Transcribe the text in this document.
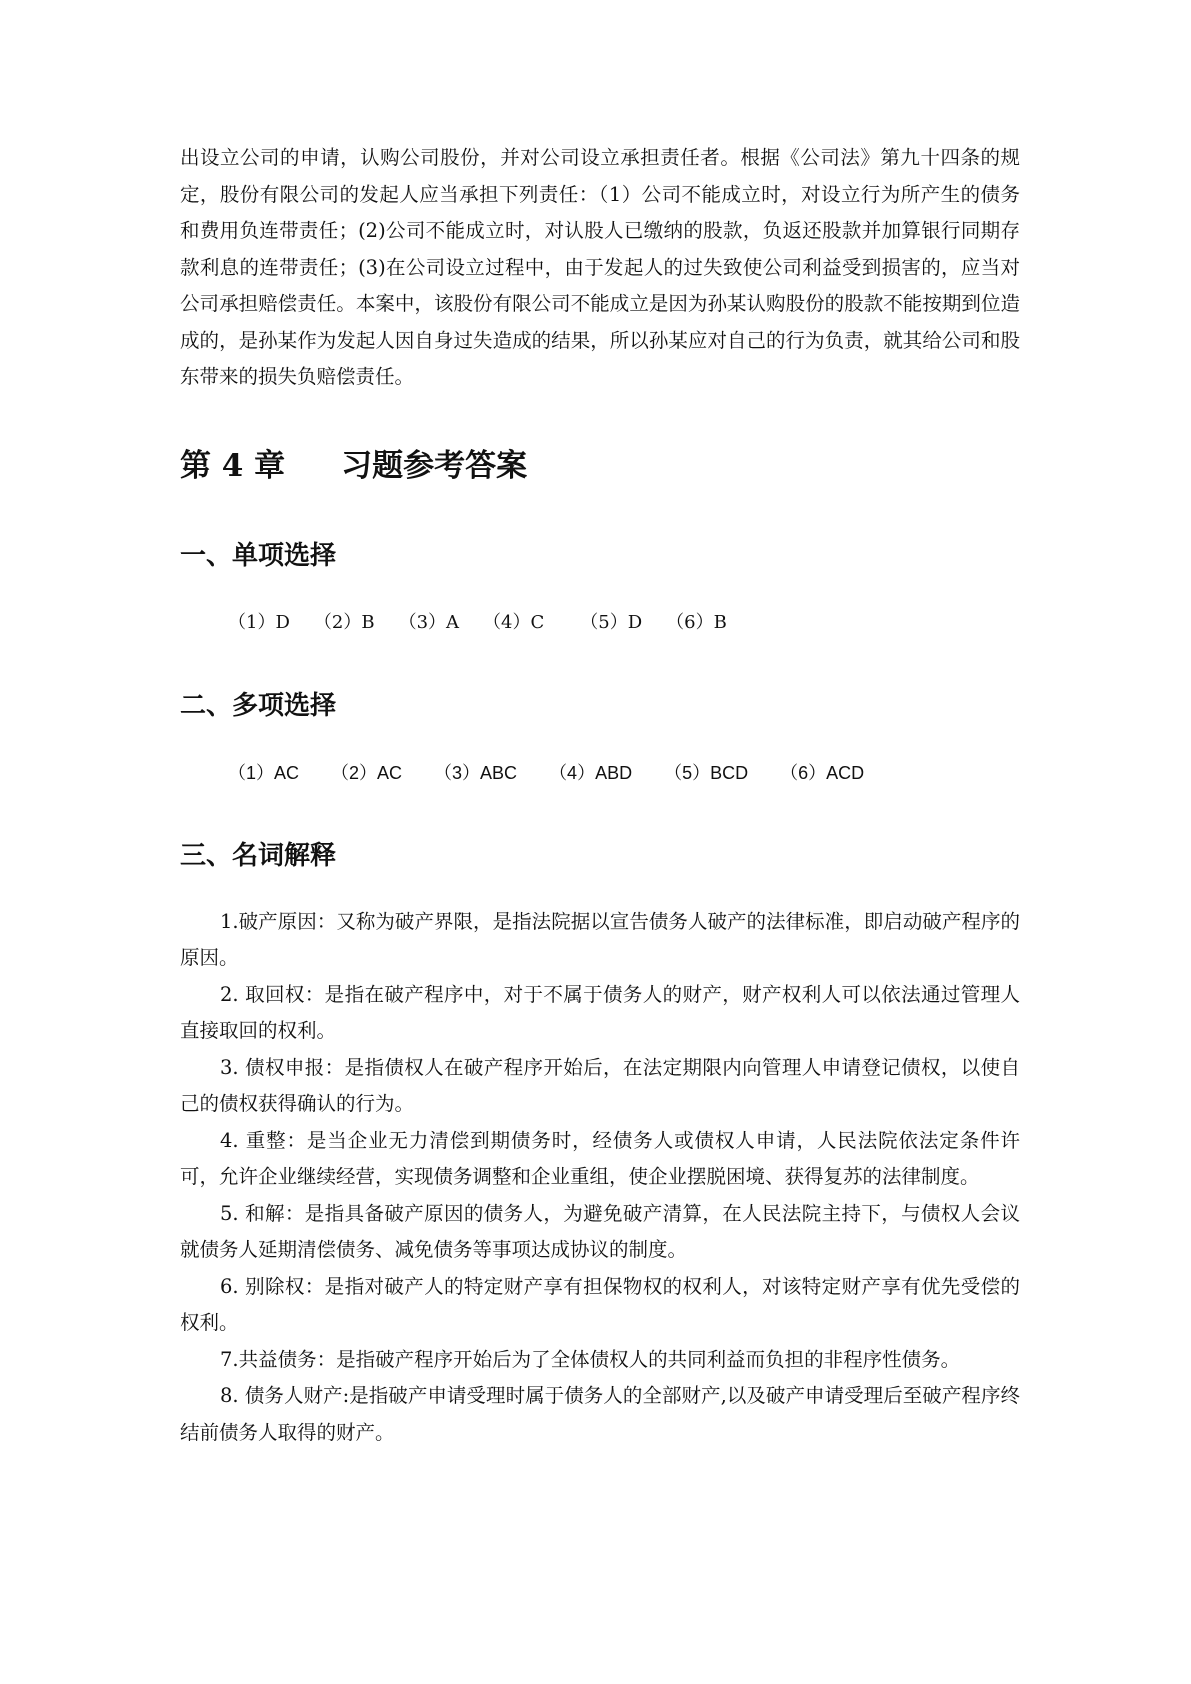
出设立公司的申请，认购公司股份，并对公司设立承担责任者。根据《公司法》第九十四条的规定，股份有限公司的发起人应当承担下列责任：（1）公司不能成立时，对设立行为所产生的债务和费用负连带责任；(2)公司不能成立时，对认股人已缴纳的股款，负返还股款并加算银行同期存款利息的连带责任；(3)在公司设立过程中，由于发起人的过失致使公司利益受到损害的，应当对公司承担赔偿责任。本案中，该股份有限公司不能成立是因为孙某认购股份的股款不能按期到位造成的，是孙某作为发起人因自身过失造成的结果，所以孙某应对自己的行为负责，就其给公司和股东带来的损失负赔偿责任。

第 4 章 习题参考答案
一、单项选择
（1）D （2）B （3）A （4）C （5）D （6）B
二、多项选择
（1）AC （2）AC （3）ABC （4）ABD （5）BCD （6）ACD
三、名词解释

1.破产原因：又称为破产界限，是指法院据以宣告债务人破产的法律标准，即启动破产程序的原因。

2. 取回权：是指在破产程序中，对于不属于债务人的财产，财产权利人可以依法通过管理人直接取回的权利。

3. 债权申报：是指债权人在破产程序开始后，在法定期限内向管理人申请登记债权，以使自己的债权获得确认的行为。

4. 重整：是当企业无力清偿到期债务时，经债务人或债权人申请，人民法院依法定条件许可，允许企业继续经营，实现债务调整和企业重组，使企业摆脱困境、获得复苏的法律制度。

5. 和解：是指具备破产原因的债务人，为避免破产清算，在人民法院主持下，与债权人会议就债务人延期清偿债务、减免债务等事项达成协议的制度。

6. 别除权：是指对破产人的特定财产享有担保物权的权利人，对该特定财产享有优先受偿的权利。

7.共益债务：是指破产程序开始后为了全体债权人的共同利益而负担的非程序性债务。

8. 债务人财产:是指破产申请受理时属于债务人的全部财产,以及破产申请受理后至破产程序终结前债务人取得的财产。
